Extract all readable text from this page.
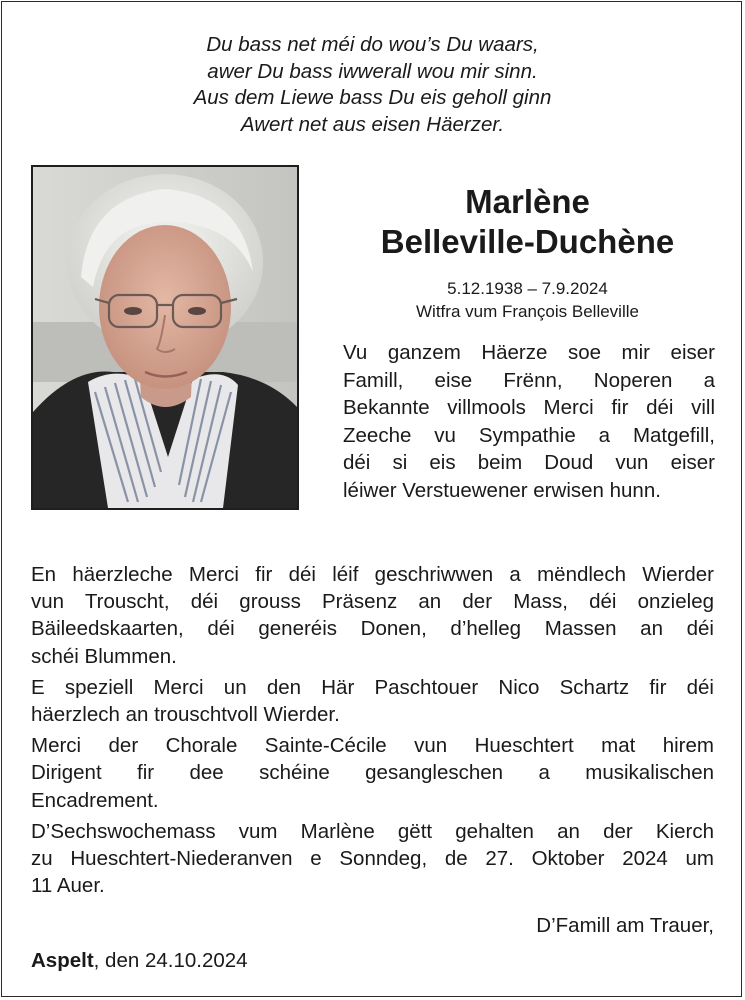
Du bass net méi do wou’s Du waars,
awer Du bass iwwerall wou mir sinn.
Aus dem Liewe bass Du eis geholl ginn
Awert net aus eisen Häerzer.
Marlène
Belleville-Duchène
5.12.1938 – 7.9.2024
Witfra vum François Belleville
Vu ganzem Häerze soe mir eiser
Famill, eise Frënn, Noperen a
Bekannte villmools Merci fir déi vill
Zeeche vu Sympathie a Matgefill,
déi si eis beim Doud vun eiser
léiwer Verstuewener erwisen hunn.
En häerzleche Merci fir déi léif geschriwwen a mëndlech Wierder
vun Trouscht, déi grouss Präsenz an der Mass, déi onzieleg
Bäileedskaarten, déi generéis Donen, d’helleg Massen an déi
schéi Blummen.
E speziell Merci un den Här Paschtouer Nico Schartz fir déi
häerzlech an trouschtvoll Wierder.
Merci der Chorale Sainte-Cécile vun Hueschtert mat hirem
Dirigent fir dee schéine gesangleschen a musikalischen
Encadrement.
D’Sechswochemass vum Marlène gëtt gehalten an der Kierch
zu Hueschtert-Niederanven e Sonndeg, de 27. Oktober 2024 um
11 Auer.
D’Famill am Trauer,
Aspelt, den 24.10.2024
